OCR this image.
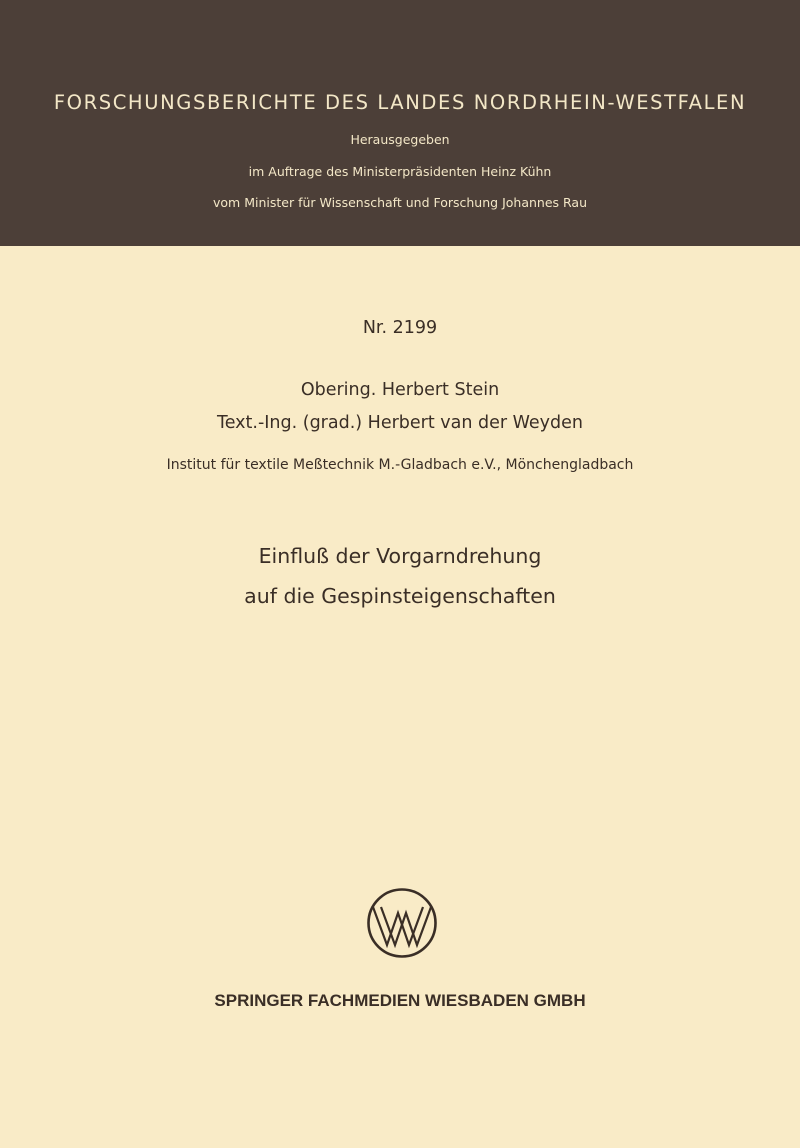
FORSCHUNGSBERICHTE DES LANDES NORDRHEIN-WESTFALEN
Herausgegeben
im Auftrage des Ministerpräsidenten Heinz Kühn
vom Minister für Wissenschaft und Forschung Johannes Rau
Nr. 2199
Obering. Herbert Stein
Text.-Ing. (grad.) Herbert van der Weyden
Institut für textile Meßtechnik M.-Gladbach e.V., Mönchengladbach
Einfluß der Vorgarndrehung
auf die Gespinsteigenschaften
SPRINGER FACHMEDIEN WIESBADEN GMBH
